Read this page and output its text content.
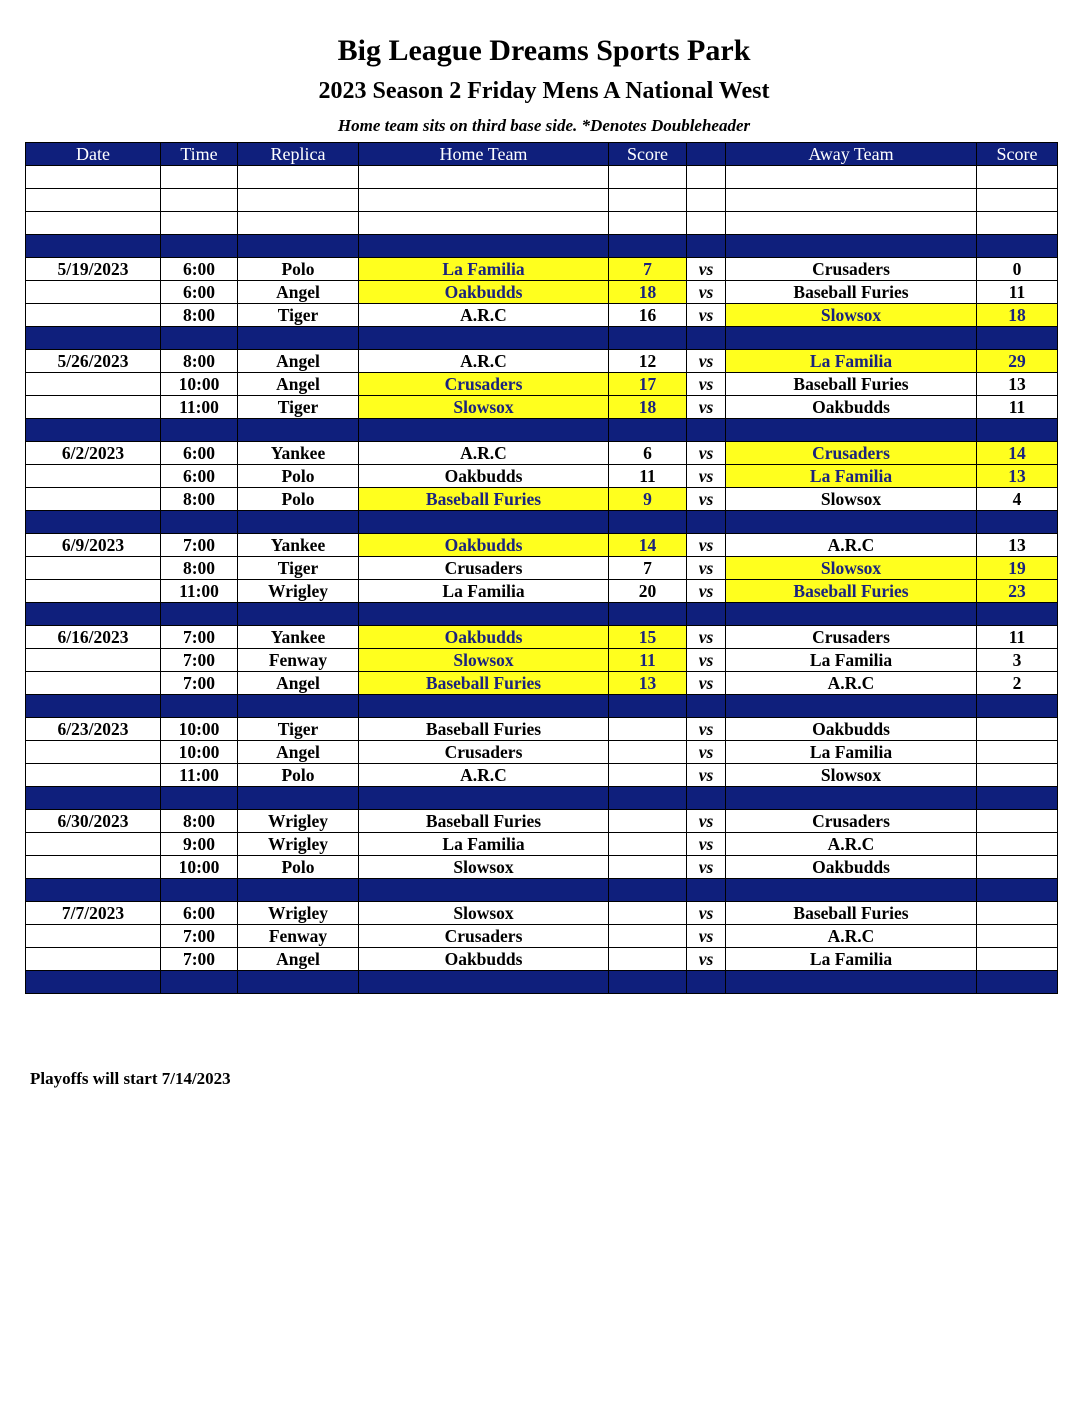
Big League Dreams Sports Park
2023 Season 2 Friday Mens A National West
Home team sits on third base side. *Denotes Doubleheader
Date	Time	Replica	Home Team	Score		Away Team	Score

5/19/2023	6:00	Polo	La Familia	7	vs	Crusaders	0
	6:00	Angel	Oakbudds	18	vs	Baseball Furies	11
	8:00	Tiger	A.R.C	16	vs	Slowsox	18

5/26/2023	8:00	Angel	A.R.C	12	vs	La Familia	29
	10:00	Angel	Crusaders	17	vs	Baseball Furies	13
	11:00	Tiger	Slowsox	18	vs	Oakbudds	11

6/2/2023	6:00	Yankee	A.R.C	6	vs	Crusaders	14
	6:00	Polo	Oakbudds	11	vs	La Familia	13
	8:00	Polo	Baseball Furies	9	vs	Slowsox	4

6/9/2023	7:00	Yankee	Oakbudds	14	vs	A.R.C	13
	8:00	Tiger	Crusaders	7	vs	Slowsox	19
	11:00	Wrigley	La Familia	20	vs	Baseball Furies	23

6/16/2023	7:00	Yankee	Oakbudds	15	vs	Crusaders	11
	7:00	Fenway	Slowsox	11	vs	La Familia	3
	7:00	Angel	Baseball Furies	13	vs	A.R.C	2

6/23/2023	10:00	Tiger	Baseball Furies		vs	Oakbudds	
	10:00	Angel	Crusaders		vs	La Familia	
	11:00	Polo	A.R.C		vs	Slowsox	

6/30/2023	8:00	Wrigley	Baseball Furies		vs	Crusaders	
	9:00	Wrigley	La Familia		vs	A.R.C	
	10:00	Polo	Slowsox		vs	Oakbudds	

7/7/2023	6:00	Wrigley	Slowsox		vs	Baseball Furies	
	7:00	Fenway	Crusaders		vs	A.R.C	
	7:00	Angel	Oakbudds		vs	La Familia	

Playoffs will start 7/14/2023
